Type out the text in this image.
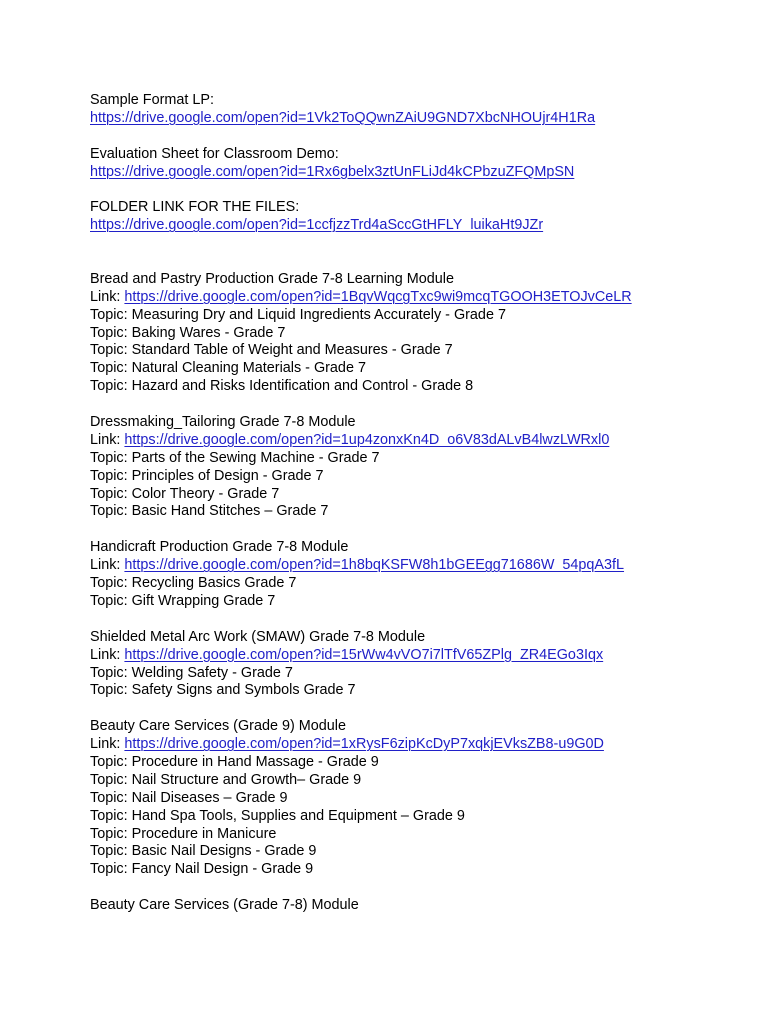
Sample Format LP:
https://drive.google.com/open?id=1Vk2ToQQwnZAiU9GND7XbcNHOUjr4H1Ra
Evaluation Sheet for Classroom Demo:
https://drive.google.com/open?id=1Rx6gbelx3ztUnFLiJd4kCPbzuZFQMpSN
FOLDER LINK FOR THE FILES:
https://drive.google.com/open?id=1ccfjzzTrd4aSccGtHFLY_luikaHt9JZr
Bread and Pastry Production Grade 7-8 Learning Module
Link: https://drive.google.com/open?id=1BqvWqcgTxc9wi9mcqTGOOH3ETOJvCeLR
Topic: Measuring Dry and Liquid Ingredients Accurately - Grade 7
Topic: Baking Wares - Grade 7
Topic: Standard Table of Weight and Measures - Grade 7
Topic: Natural Cleaning Materials - Grade 7
Topic: Hazard and Risks Identification and Control - Grade 8
Dressmaking_Tailoring Grade 7-8 Module
Link: https://drive.google.com/open?id=1up4zonxKn4D_o6V83dALvB4lwzLWRxl0
Topic: Parts of the Sewing Machine - Grade 7
Topic: Principles of Design - Grade 7
Topic: Color Theory - Grade 7
Topic: Basic Hand Stitches – Grade 7
Handicraft Production Grade 7-8 Module
Link: https://drive.google.com/open?id=1h8bqKSFW8h1bGEEgg71686W_54pqA3fL
Topic: Recycling Basics Grade 7
Topic: Gift Wrapping Grade 7
Shielded Metal Arc Work (SMAW) Grade 7-8 Module
Link: https://drive.google.com/open?id=15rWw4vVO7i7lTfV65ZPlg_ZR4EGo3Iqx
Topic: Welding Safety - Grade 7
Topic: Safety Signs and Symbols Grade 7
Beauty Care Services (Grade 9) Module
Link: https://drive.google.com/open?id=1xRysF6zipKcDyP7xqkjEVksZB8-u9G0D
Topic: Procedure in Hand Massage - Grade 9
Topic: Nail Structure and Growth– Grade 9
Topic: Nail Diseases – Grade 9
Topic: Hand Spa Tools, Supplies and Equipment – Grade 9
Topic: Procedure in Manicure
Topic: Basic Nail Designs - Grade 9
Topic: Fancy Nail Design - Grade 9
Beauty Care Services (Grade 7-8) Module
